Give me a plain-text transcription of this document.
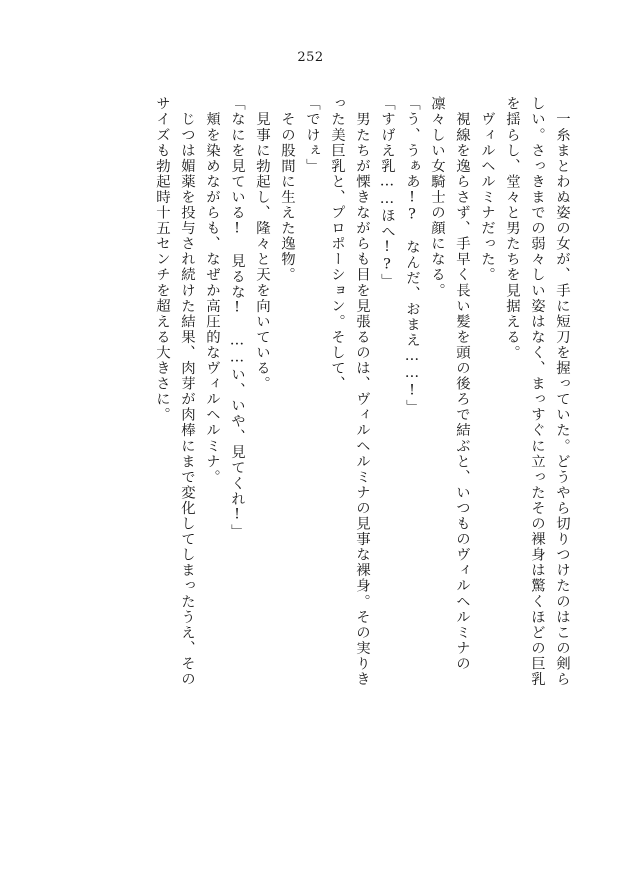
252
　一糸まとわぬ姿の女が、手に短刀を握っていた。どうやら切りつけたのはこの剣ら
しい。さっきまでの弱々しい姿はなく、まっすぐに立ったその裸身は驚くほどの巨乳
を揺らし、堂々と男たちを見据える。
　ヴィルヘルミナだった。
　視線を逸らさず、手早く長い髪を頭の後ろで結ぶと、いつものヴィルヘルミナの
凛々しい女騎士の顔になる。
「う、うぁあ!?　なんだ、おまえ……!」
「すげえ乳……ほへ!?」
　男たちが慄きながらも目を見張るのは、ヴィルヘルミナの見事な裸身。その実りき
った美巨乳と、プロポーション。そして、
「でけぇ」
　その股間に生えた逸物。
　見事に勃起し、隆々と天を向いている。
「なにを見ている!　見るな!　……い、いや、見てくれ!」
　頬を染めながらも、なぜか高圧的なヴィルヘルミナ。
　じつは媚薬を投与され続けた結果、肉芽が肉棒にまで変化してしまったうえ、その
サイズも勃起時十五センチを超える大きさに。
